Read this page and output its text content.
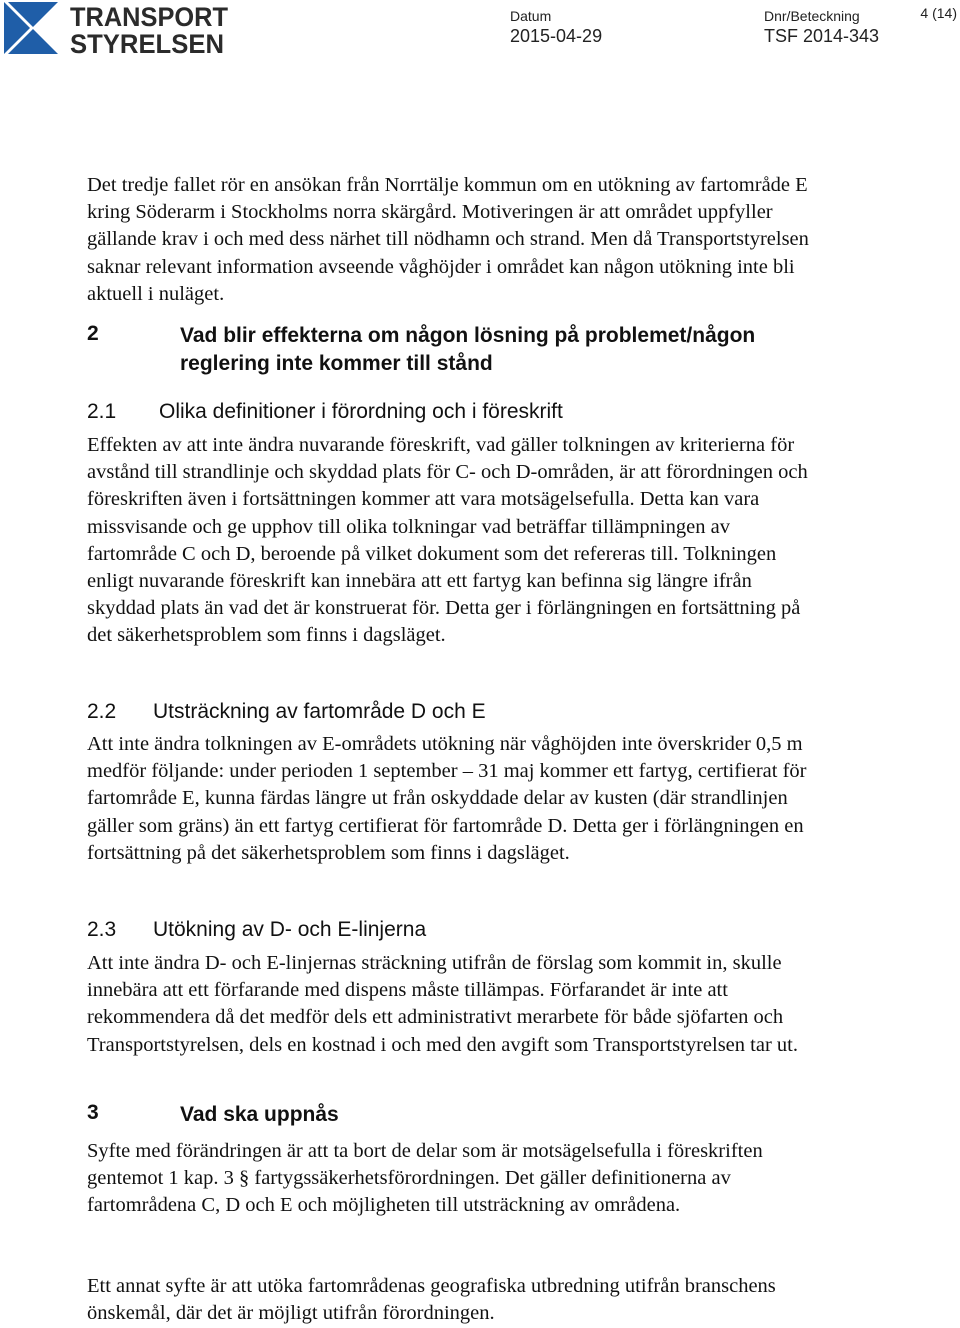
TRANSPORT
STYRELSEN
Datum
2015-04-29
Dnr/Beteckning
TSF 2014-343
4 (14)

Det tredje fallet rör en ansökan från Norrtälje kommun om en utökning av fartområde E kring Söderarm i Stockholms norra skärgård. Motiveringen är att området uppfyller gällande krav i och med dess närhet till nödhamn och strand. Men då Transportstyrelsen saknar relevant information avseende våghöjder i området kan någon utökning inte bli aktuell i nuläget.

2	Vad blir effekterna om någon lösning på problemet/någon reglering inte kommer till stånd
2.1 Olika definitioner i förordning och i föreskrift

Effekten av att inte ändra nuvarande föreskrift, vad gäller tolkningen av kriterierna för avstånd till strandlinje och skyddad plats för C- och D-områden, är att förordningen och föreskriften även i fortsättningen kommer att vara motsägelsefulla. Detta kan vara missvisande och ge upphov till olika tolkningar vad beträffar tillämpningen av fartområde C och D, beroende på vilket dokument som det refereras till. Tolkningen enligt nuvarande föreskrift kan innebära att ett fartyg kan befinna sig längre ifrån skyddad plats än vad det är konstruerat för. Detta ger i förlängningen en fortsättning på det säkerhetsproblem som finns i dagsläget.

2.2 Utsträckning av fartområde D och E

Att inte ändra tolkningen av E-områdets utökning när våghöjden inte överskrider 0,5 m medför följande: under perioden 1 september – 31 maj kommer ett fartyg, certifierat för fartområde E, kunna färdas längre ut från oskyddade delar av kusten (där strandlinjen gäller som gräns) än ett fartyg certifierat för fartområde D. Detta ger i förlängningen en fortsättning på det säkerhetsproblem som finns i dagsläget.

2.3 Utökning av D- och E-linjerna

Att inte ändra D- och E-linjernas sträckning utifrån de förslag som kommit in, skulle innebära att ett förfarande med dispens måste tillämpas. Förfarandet är inte att rekommendera då det medför dels ett administrativt merarbete för både sjöfarten och Transportstyrelsen, dels en kostnad i och med den avgift som Transportstyrelsen tar ut.

3	Vad ska uppnås

Syfte med förändringen är att ta bort de delar som är motsägelsefulla i föreskriften gentemot 1 kap. 3 § fartygssäkerhetsförordningen. Det gäller definitionerna av fartområdena C, D och E och möjligheten till utsträckning av områdena.

Ett annat syfte är att utöka fartområdenas geografiska utbredning utifrån branschens önskemål, där det är möjligt utifrån förordningen.
